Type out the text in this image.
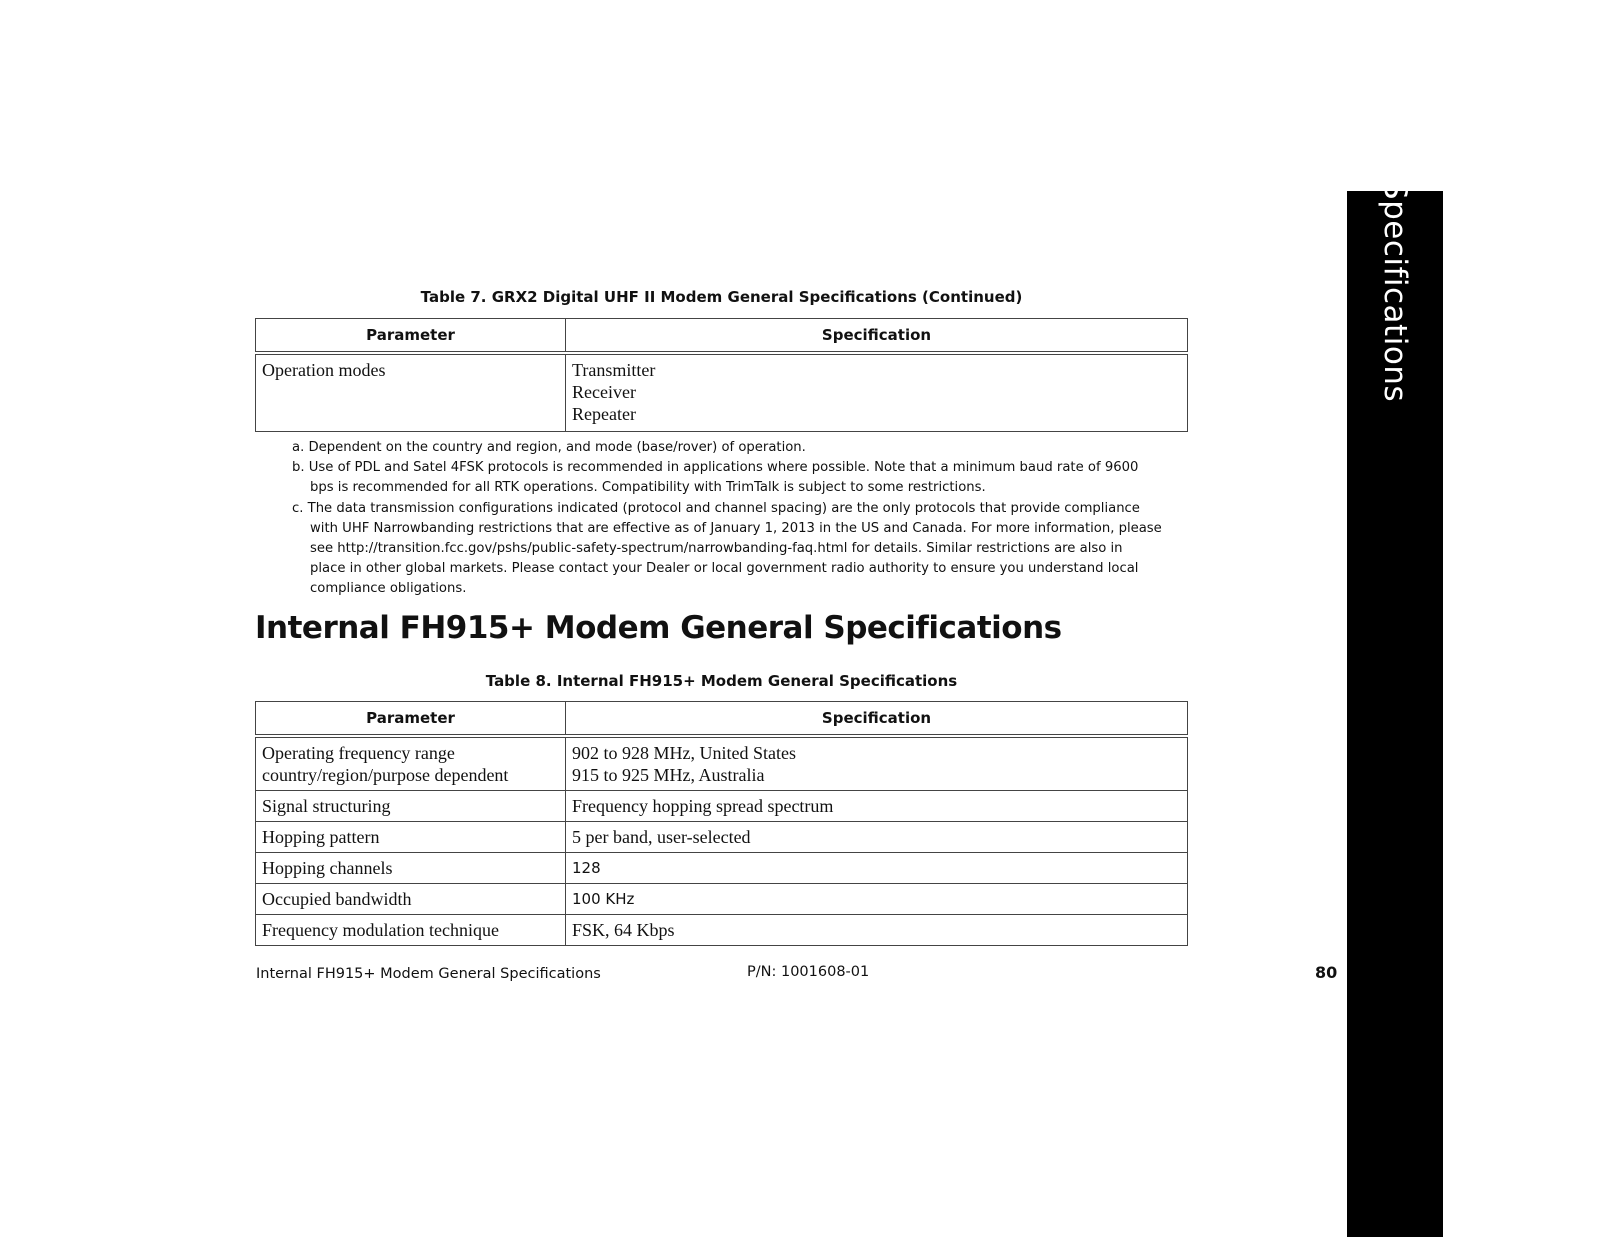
Specifications
Table 7. GRX2 Digital UHF II Modem General Specifications (Continued)
Parameter	Specification

Operation modes	Transmitter
Receiver
Repeater
a. Dependent on the country and region, and mode (base/rover) of operation.
b. Use of PDL and Satel 4FSK protocols is recommended in applications where possible. Note that a minimum baud rate of 9600 bps is recommended for all RTK operations. Compatibility with TrimTalk is subject to some restrictions.
c. The data transmission configurations indicated (protocol and channel spacing) are the only protocols that provide compliance with UHF Narrowbanding restrictions that are effective as of January 1, 2013 in the US and Canada. For more information, please see http://transition.fcc.gov/pshs/public-safety-spectrum/narrowbanding-faq.html for details. Similar restrictions are also in place in other global markets. Please contact your Dealer or local government radio authority to ensure you understand local compliance obligations.
Internal FH915+ Modem General Specifications
Table 8. Internal FH915+ Modem General Specifications
Parameter	Specification

Operating frequency range
country/region/purpose dependent	902 to 928 MHz, United States
915 to 925 MHz, Australia

Signal structuring	Frequency hopping spread spectrum
Hopping pattern	5 per band, user-selected
Hopping channels	128
Occupied bandwidth	100 KHz
Frequency modulation technique	FSK, 64 Kbps
Internal FH915+ Modem General Specifications	P/N: 1001608-01	80
